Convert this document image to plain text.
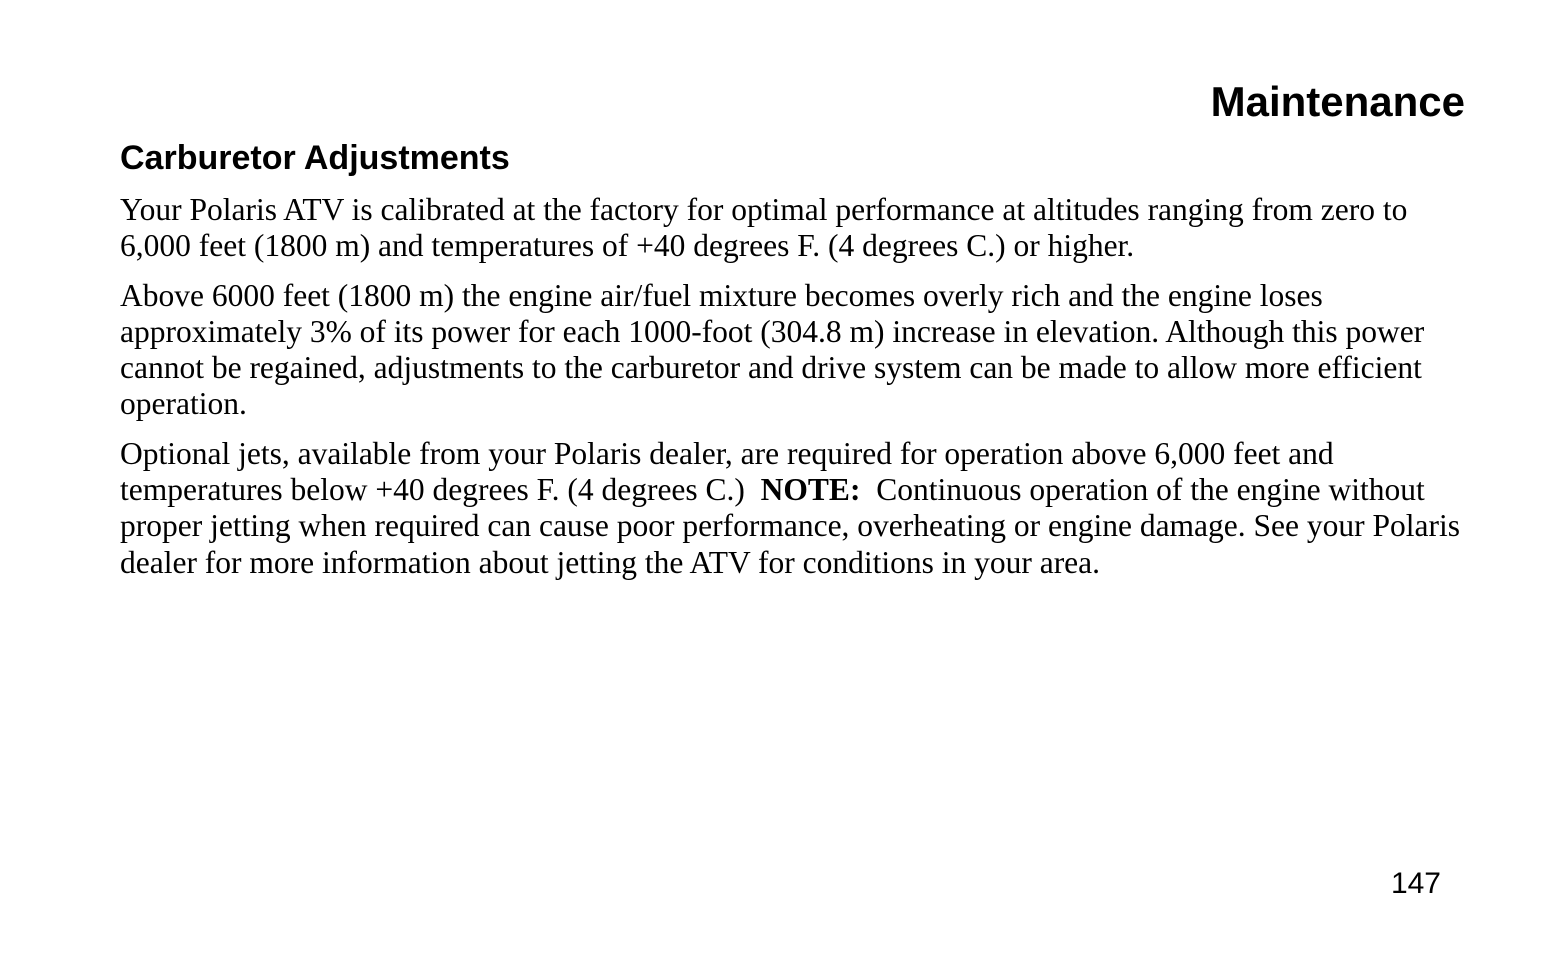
Maintenance
Carburetor Adjustments

Your Polaris ATV is calibrated at the factory for optimal performance at altitudes ranging from zero to 6,000 feet (1800 m) and temperatures of +40 degrees F. (4 degrees C.) or higher.

Above 6000 feet (1800 m) the engine air/fuel mixture becomes overly rich and the engine loses approximately 3% of its power for each 1000-foot (304.8 m) increase in elevation. Although this power cannot be regained, adjustments to the carburetor and drive system can be made to allow more efficient operation.

Optional jets, available from your Polaris dealer, are required for operation above 6,000 feet and temperatures below +40 degrees F. (4 degrees C.) NOTE: Continuous operation of the engine without proper jetting when required can cause poor performance, overheating or engine damage. See your Polaris dealer for more information about jetting the ATV for conditions in your area.

147
